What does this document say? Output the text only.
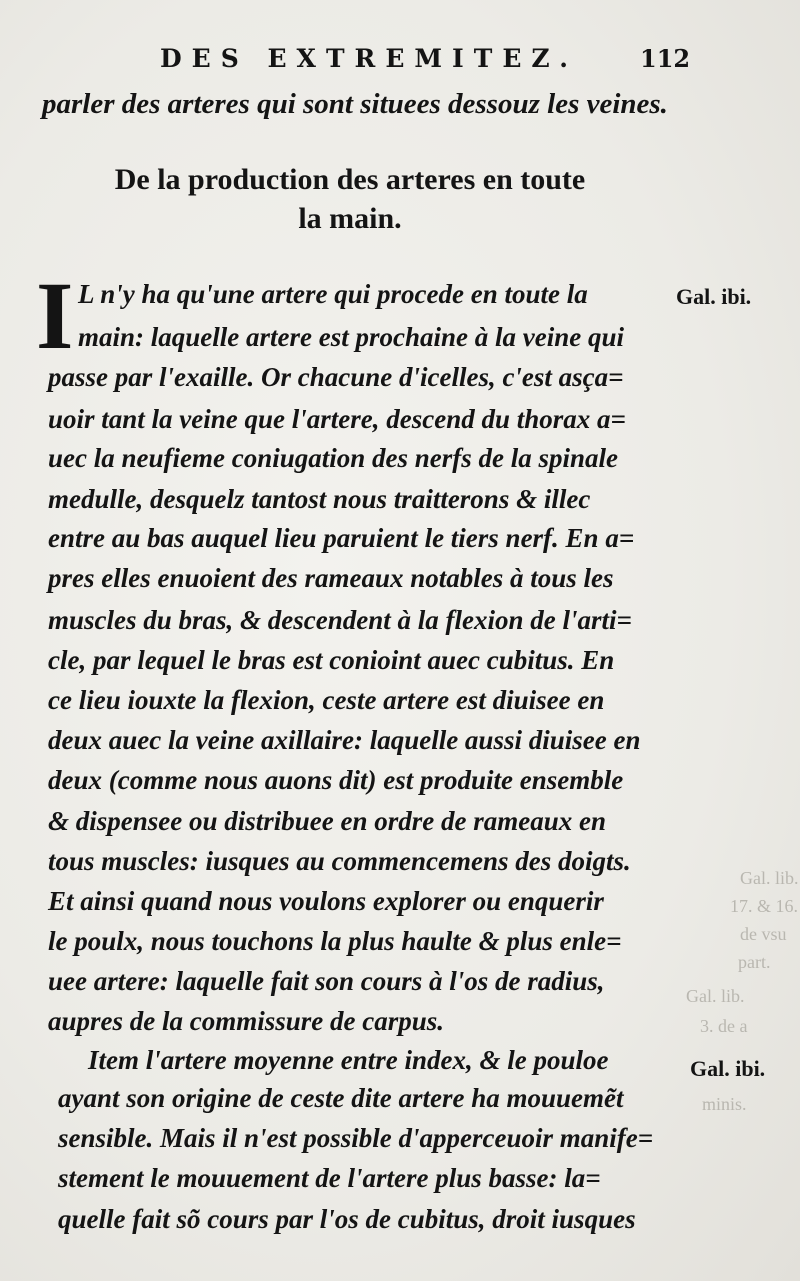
DES EXTREMITEZ.	112
parler des arteres qui sont situees dessouz les veines.
De la production des arteres en toute
la main.
I L n'y ha qu'une artere qui procede en toute la
main: laquelle artere est prochaine à la veine qui
passe par l'exaille. Or chacune d'icelles, c'est asça=
uoir tant la veine que l'artere, descend du thorax a=
uec la neufieme coniugation des nerfs de la spinale
medulle, desquelz tantost nous traitterons & illec
entre au bas auquel lieu paruient le tiers nerf. En a=
pres elles enuoient des rameaux notables à tous les
muscles du bras, & descendent à la flexion de l'arti=
cle, par lequel le bras est conioint auec cubitus. En
ce lieu iouxte la flexion, ceste artere est diuisee en
deux auec la veine axillaire: laquelle aussi diuisee en
deux (comme nous auons dit) est produite ensemble
& dispensee ou distribuee en ordre de rameaux en
tous muscles: iusques au commencemens des doigts.
Et ainsi quand nous voulons explorer ou enquerir
le poulx, nous touchons la plus haulte & plus enle=
uee artere: laquelle fait son cours à l'os de radius,
aupres de la commissure de carpus.
Item l'artere moyenne entre index, & le pouloe
ayant son origine de ceste dite artere ha mouuemẽt
sensible. Mais il n'est possible d'apperceuoir manife=
stement le mouuement de l'artere plus basse: la=
quelle fait sõ cours par l'os de cubitus, droit iusques
Gal. ibi.
Gal. ibi.
Gal. lib.
17. & 16.
de vsu
part.
Gal. lib.
3. de a
minis.
